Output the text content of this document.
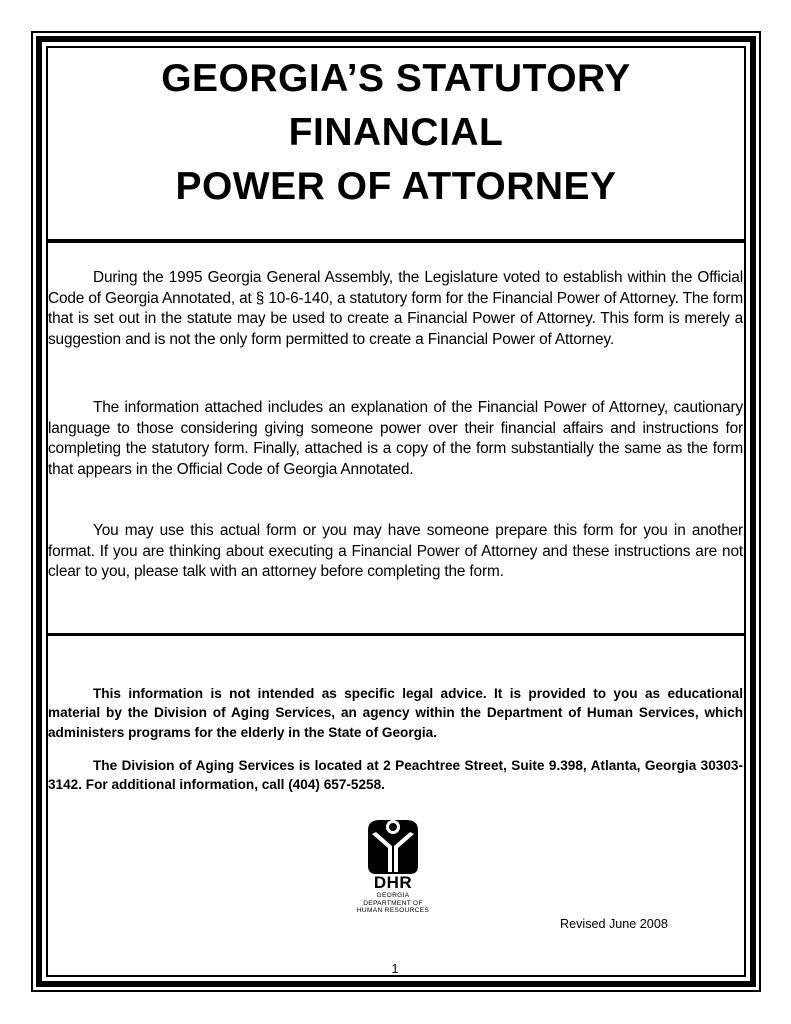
GEORGIA’S STATUTORY
FINANCIAL
POWER OF ATTORNEY
During the 1995 Georgia General Assembly, the Legislature voted to establish within the Official Code of Georgia Annotated, at § 10-6-140, a statutory form for the Financial Power of Attorney. The form that is set out in the statute may be used to create a Financial Power of Attorney. This form is merely a suggestion and is not the only form permitted to create a Financial Power of Attorney.
The information attached includes an explanation of the Financial Power of Attorney, cautionary language to those considering giving someone power over their financial affairs and instructions for completing the statutory form. Finally, attached is a copy of the form substantially the same as the form that appears in the Official Code of Georgia Annotated.
You may use this actual form or you may have someone prepare this form for you in another format. If you are thinking about executing a Financial Power of Attorney and these instructions are not clear to you, please talk with an attorney before completing the form.
This information is not intended as specific legal advice. It is provided to you as educational material by the Division of Aging Services, an agency within the Department of Human Services, which administers programs for the elderly in the State of Georgia.
The Division of Aging Services is located at 2 Peachtree Street, Suite 9.398, Atlanta, Georgia 30303-3142. For additional information, call (404) 657-5258.
DHR
GEORGIA
DEPARTMENT OF
HUMAN RESOURCES
Revised June 2008
1
